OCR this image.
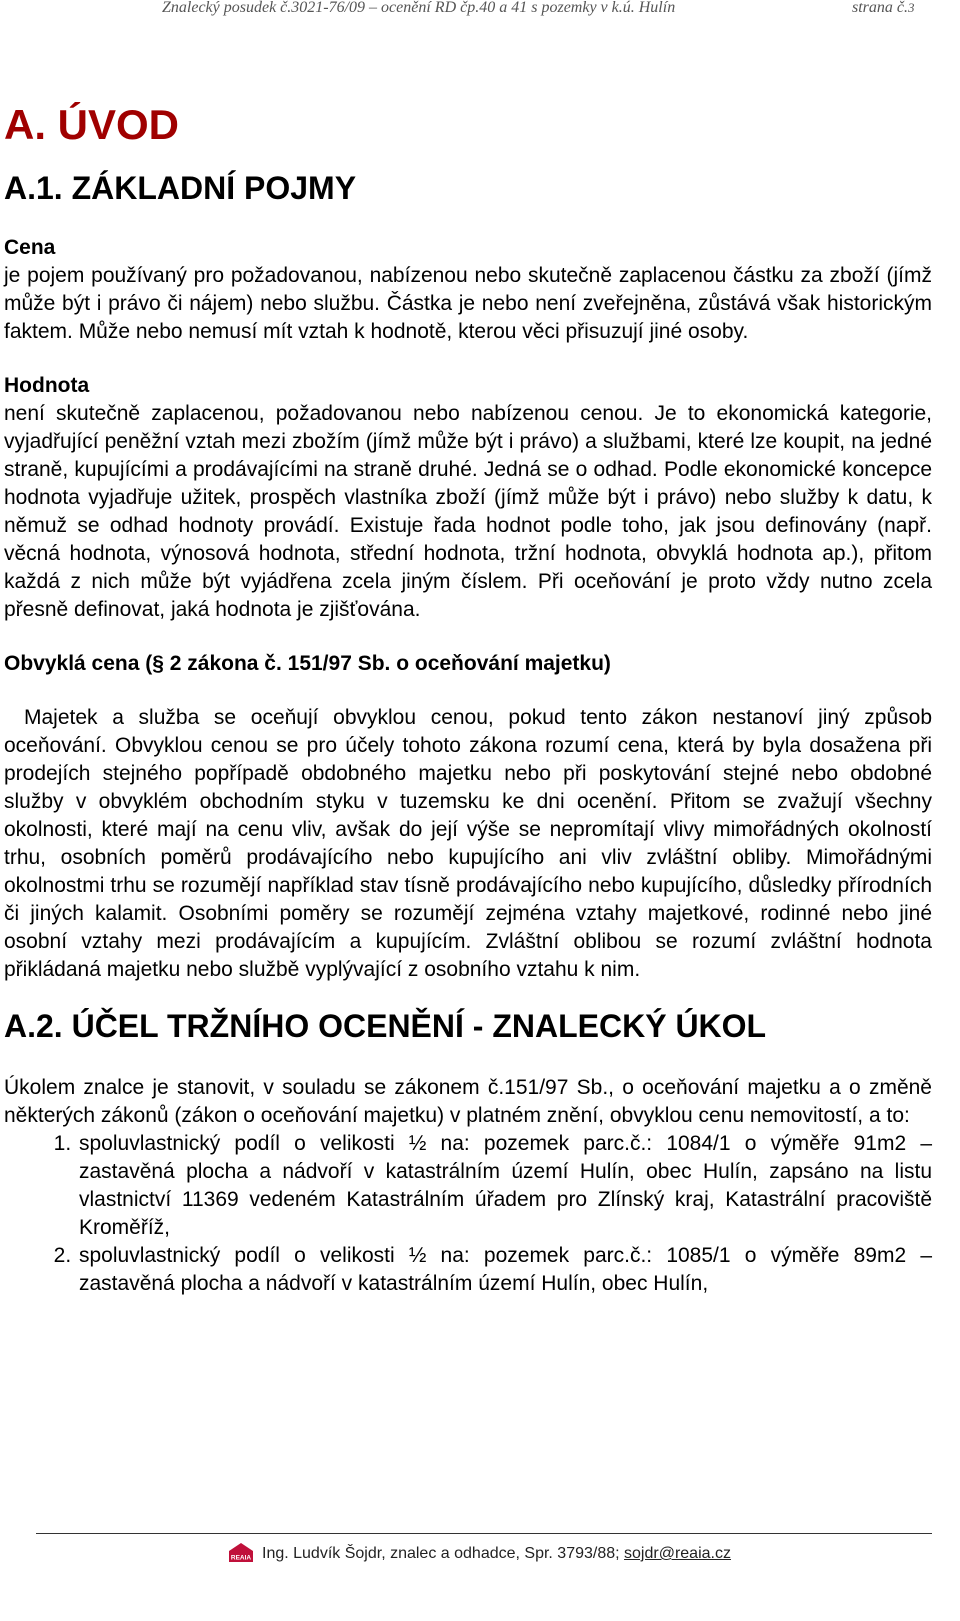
Znalecký posudek č.3021-76/09 – ocenění RD čp.40 a 41 s pozemky v k.ú. Hulín	strana č.3
A. ÚVOD
A.1. ZÁKLADNÍ POJMY

Cena

je pojem používaný pro požadovanou, nabízenou nebo skutečně zaplacenou částku za zboží (jímž může být i právo či nájem) nebo službu. Částka je nebo není zveřejněna, zůstává však historickým faktem. Může nebo nemusí mít vztah k hodnotě, kterou věci přisuzují jiné osoby.

Hodnota

není skutečně zaplacenou, požadovanou nebo nabízenou cenou. Je to ekonomická kategorie, vyjadřující peněžní vztah mezi zbožím (jímž může být i právo) a službami, které lze koupit, na jedné straně, kupujícími a prodávajícími na straně druhé. Jedná se o odhad. Podle ekonomické koncepce hodnota vyjadřuje užitek, prospěch vlastníka zboží (jímž může být i právo) nebo služby k datu, k němuž se odhad hodnoty provádí. Existuje řada hodnot podle toho, jak jsou definovány (např. věcná hodnota, výnosová hodnota, střední hodnota, tržní hodnota, obvyklá hodnota ap.), přitom každá z nich může být vyjádřena zcela jiným číslem. Při oceňování je proto vždy nutno zcela přesně definovat, jaká hodnota je zjišťována.

Obvyklá cena (§ 2 zákona č. 151/97 Sb. o oceňování majetku)

Majetek a služba se oceňují obvyklou cenou, pokud tento zákon nestanoví jiný způsob oceňování. Obvyklou cenou se pro účely tohoto zákona rozumí cena, která by byla dosažena při prodejích stejného popřípadě obdobného majetku nebo při poskytování stejné nebo obdobné služby v obvyklém obchodním styku v tuzemsku ke dni ocenění. Přitom se zvažují všechny okolnosti, které mají na cenu vliv, avšak do její výše se nepromítají vlivy mimořádných okolností trhu, osobních poměrů prodávajícího nebo kupujícího ani vliv zvláštní obliby. Mimořádnými okolnostmi trhu se rozumějí například stav tísně prodávajícího nebo kupujícího, důsledky přírodních či jiných kalamit. Osobními poměry se rozumějí zejména vztahy majetkové, rodinné nebo jiné osobní vztahy mezi prodávajícím a kupujícím. Zvláštní oblibou se rozumí zvláštní hodnota přikládaná majetku nebo službě vyplývající z osobního vztahu k nim.

A.2. ÚČEL TRŽNÍHO OCENĚNÍ - ZNALECKÝ ÚKOL

Úkolem znalce je stanovit, v souladu se zákonem č.151/97 Sb., o oceňování majetku a o změně některých zákonů (zákon o oceňování majetku) v platném znění, obvyklou cenu nemovitostí, a to:

1. spoluvlastnický podíl o velikosti ½ na: pozemek parc.č.: 1084/1 o výměře 91m2 – zastavěná plocha a nádvoří v katastrálním území Hulín, obec Hulín, zapsáno na listu vlastnictví 11369 vedeném Katastrálním úřadem pro Zlínský kraj, Katastrální pracoviště Kroměříž,
2. spoluvlastnický podíl o velikosti ½ na: pozemek parc.č.: 1085/1 o výměře 89m2 – zastavěná plocha a nádvoří v katastrálním území Hulín, obec Hulín,
REAIA Ing. Ludvík Šojdr, znalec a odhadce, Spr. 3793/88; sojdr@reaia.cz
